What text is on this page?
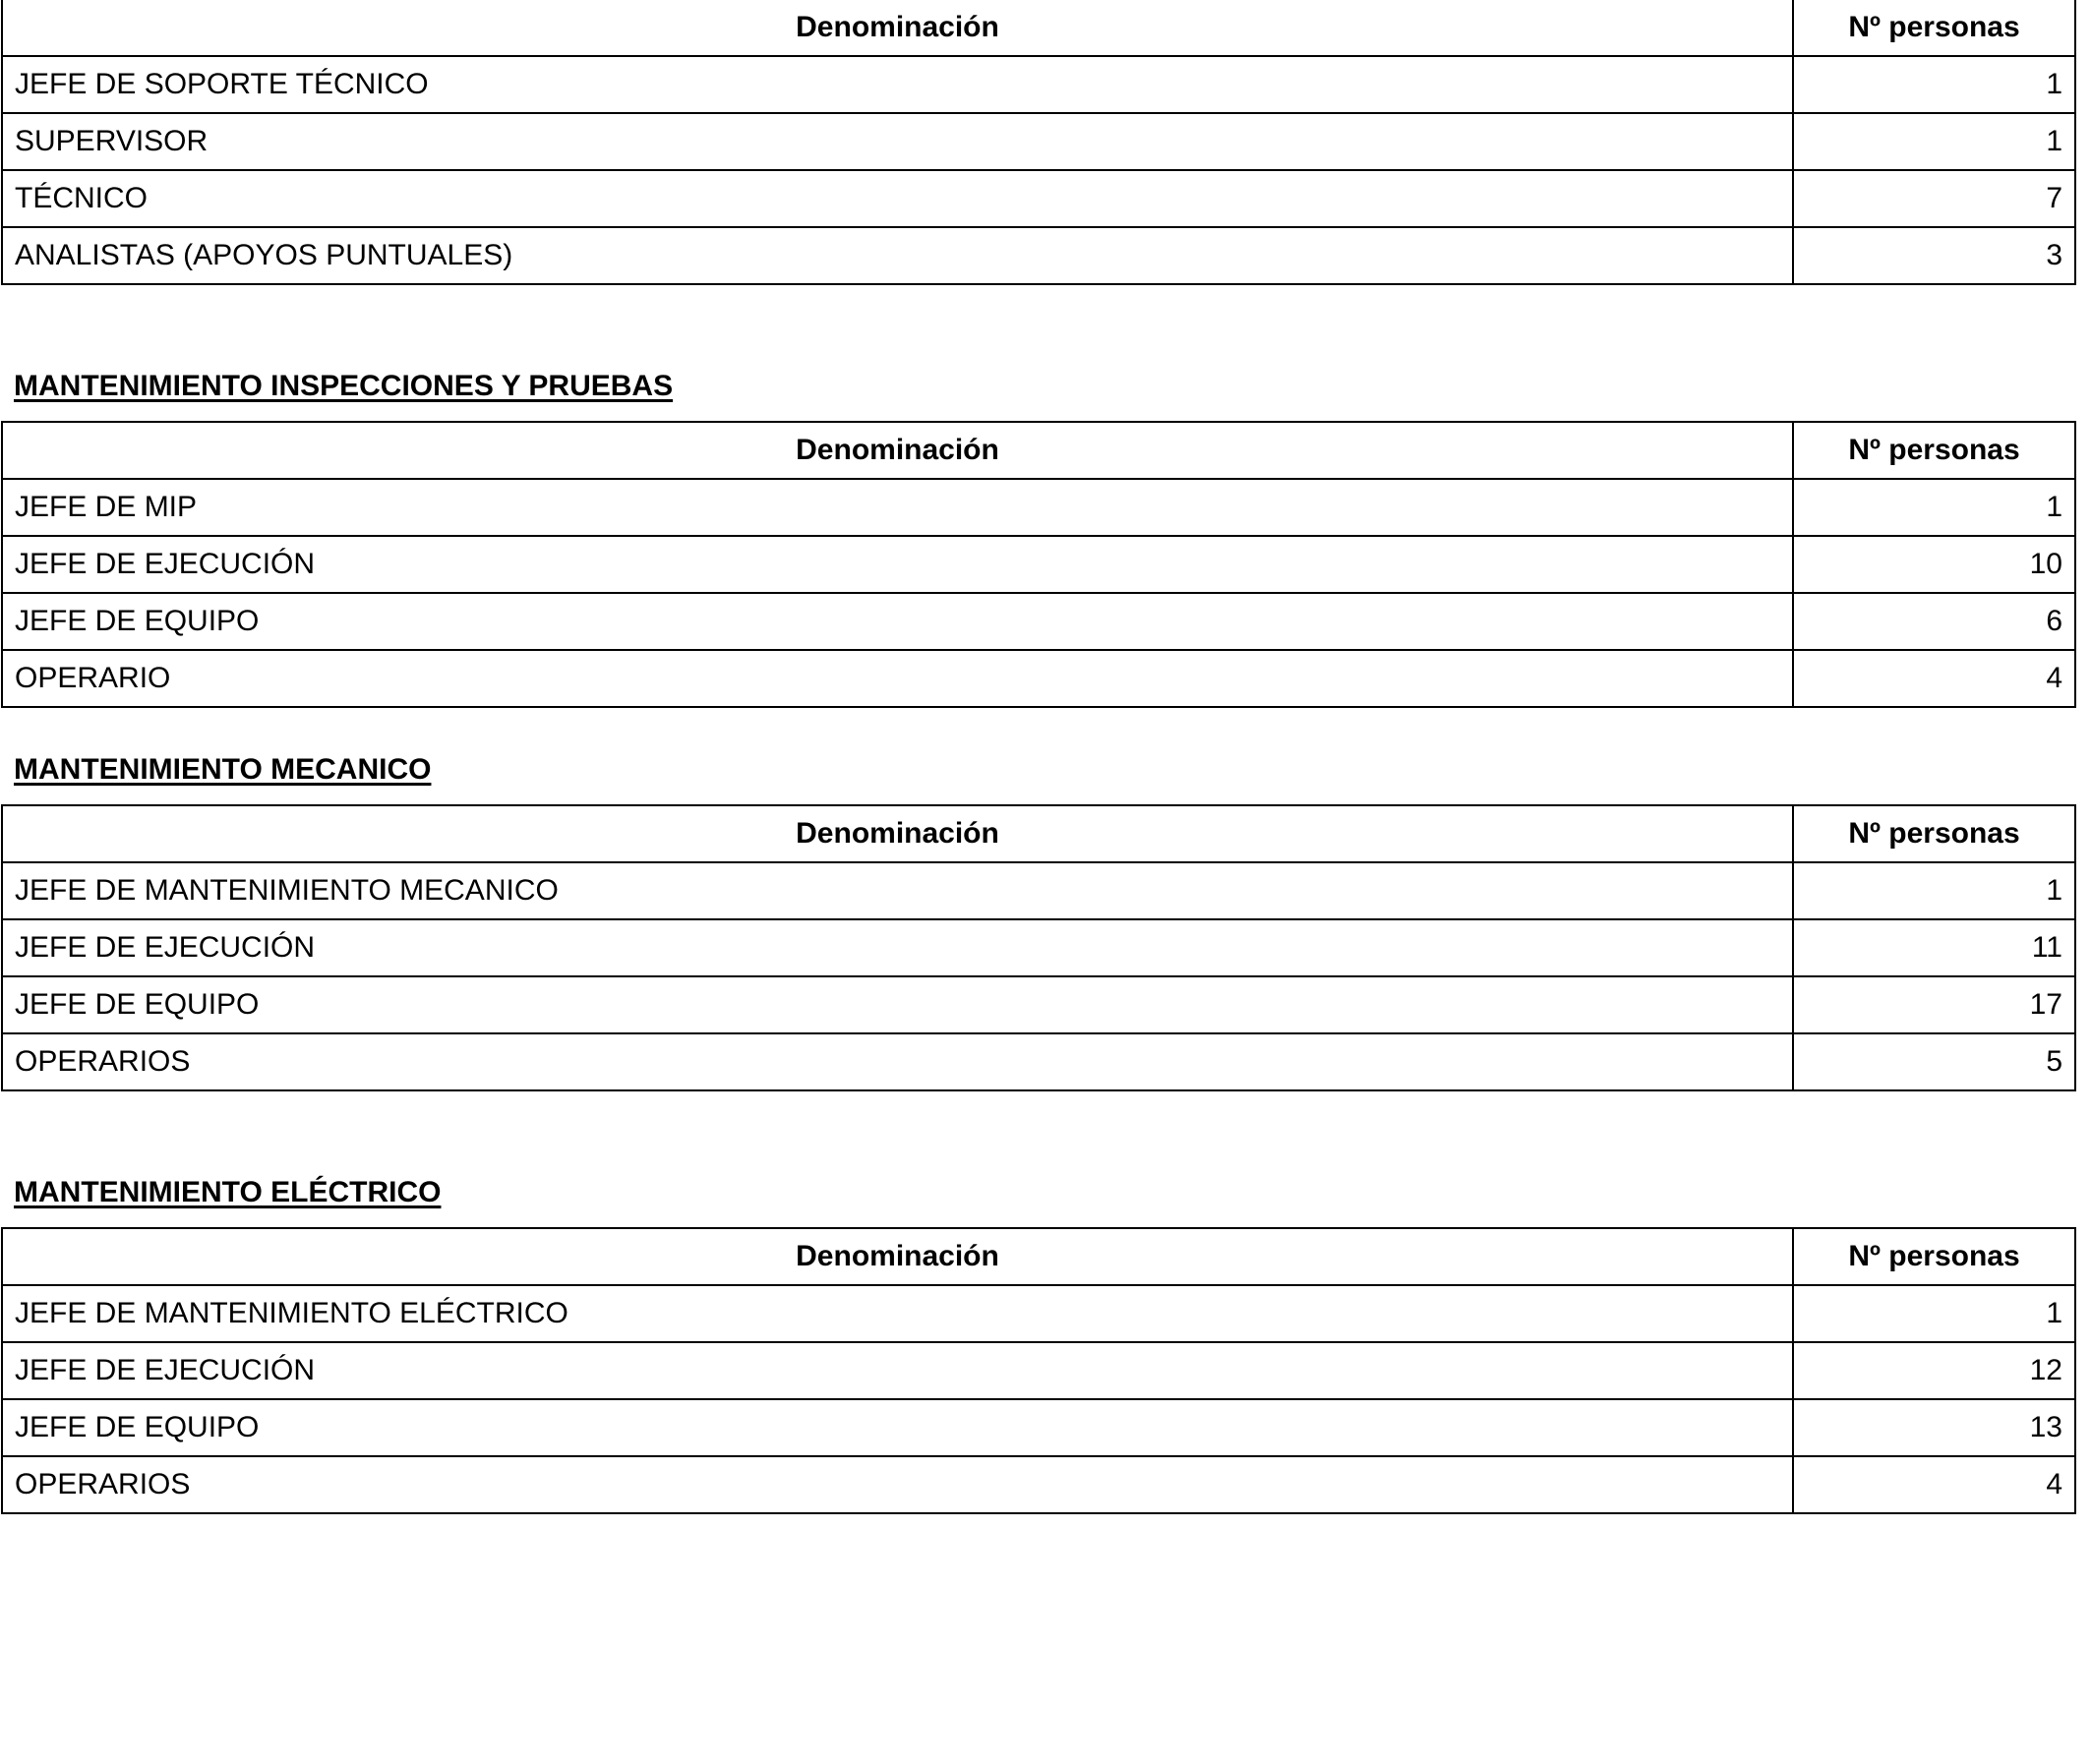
Denominación	Nº personas
JEFE DE SOPORTE TÉCNICO	1
SUPERVISOR	1
TÉCNICO	7
ANALISTAS (APOYOS PUNTUALES)	3
MANTENIMIENTO INSPECCIONES Y PRUEBAS
Denominación	Nº personas
JEFE DE MIP	1
JEFE DE EJECUCIÓN	10
JEFE DE EQUIPO	6
OPERARIO	4
MANTENIMIENTO MECANICO
Denominación	Nº personas
JEFE DE MANTENIMIENTO MECANICO	1
JEFE DE EJECUCIÓN	11
JEFE DE EQUIPO	17
OPERARIOS	5
MANTENIMIENTO ELÉCTRICO
Denominación	Nº personas
JEFE DE MANTENIMIENTO ELÉCTRICO	1
JEFE DE EJECUCIÓN	12
JEFE DE EQUIPO	13
OPERARIOS	4
